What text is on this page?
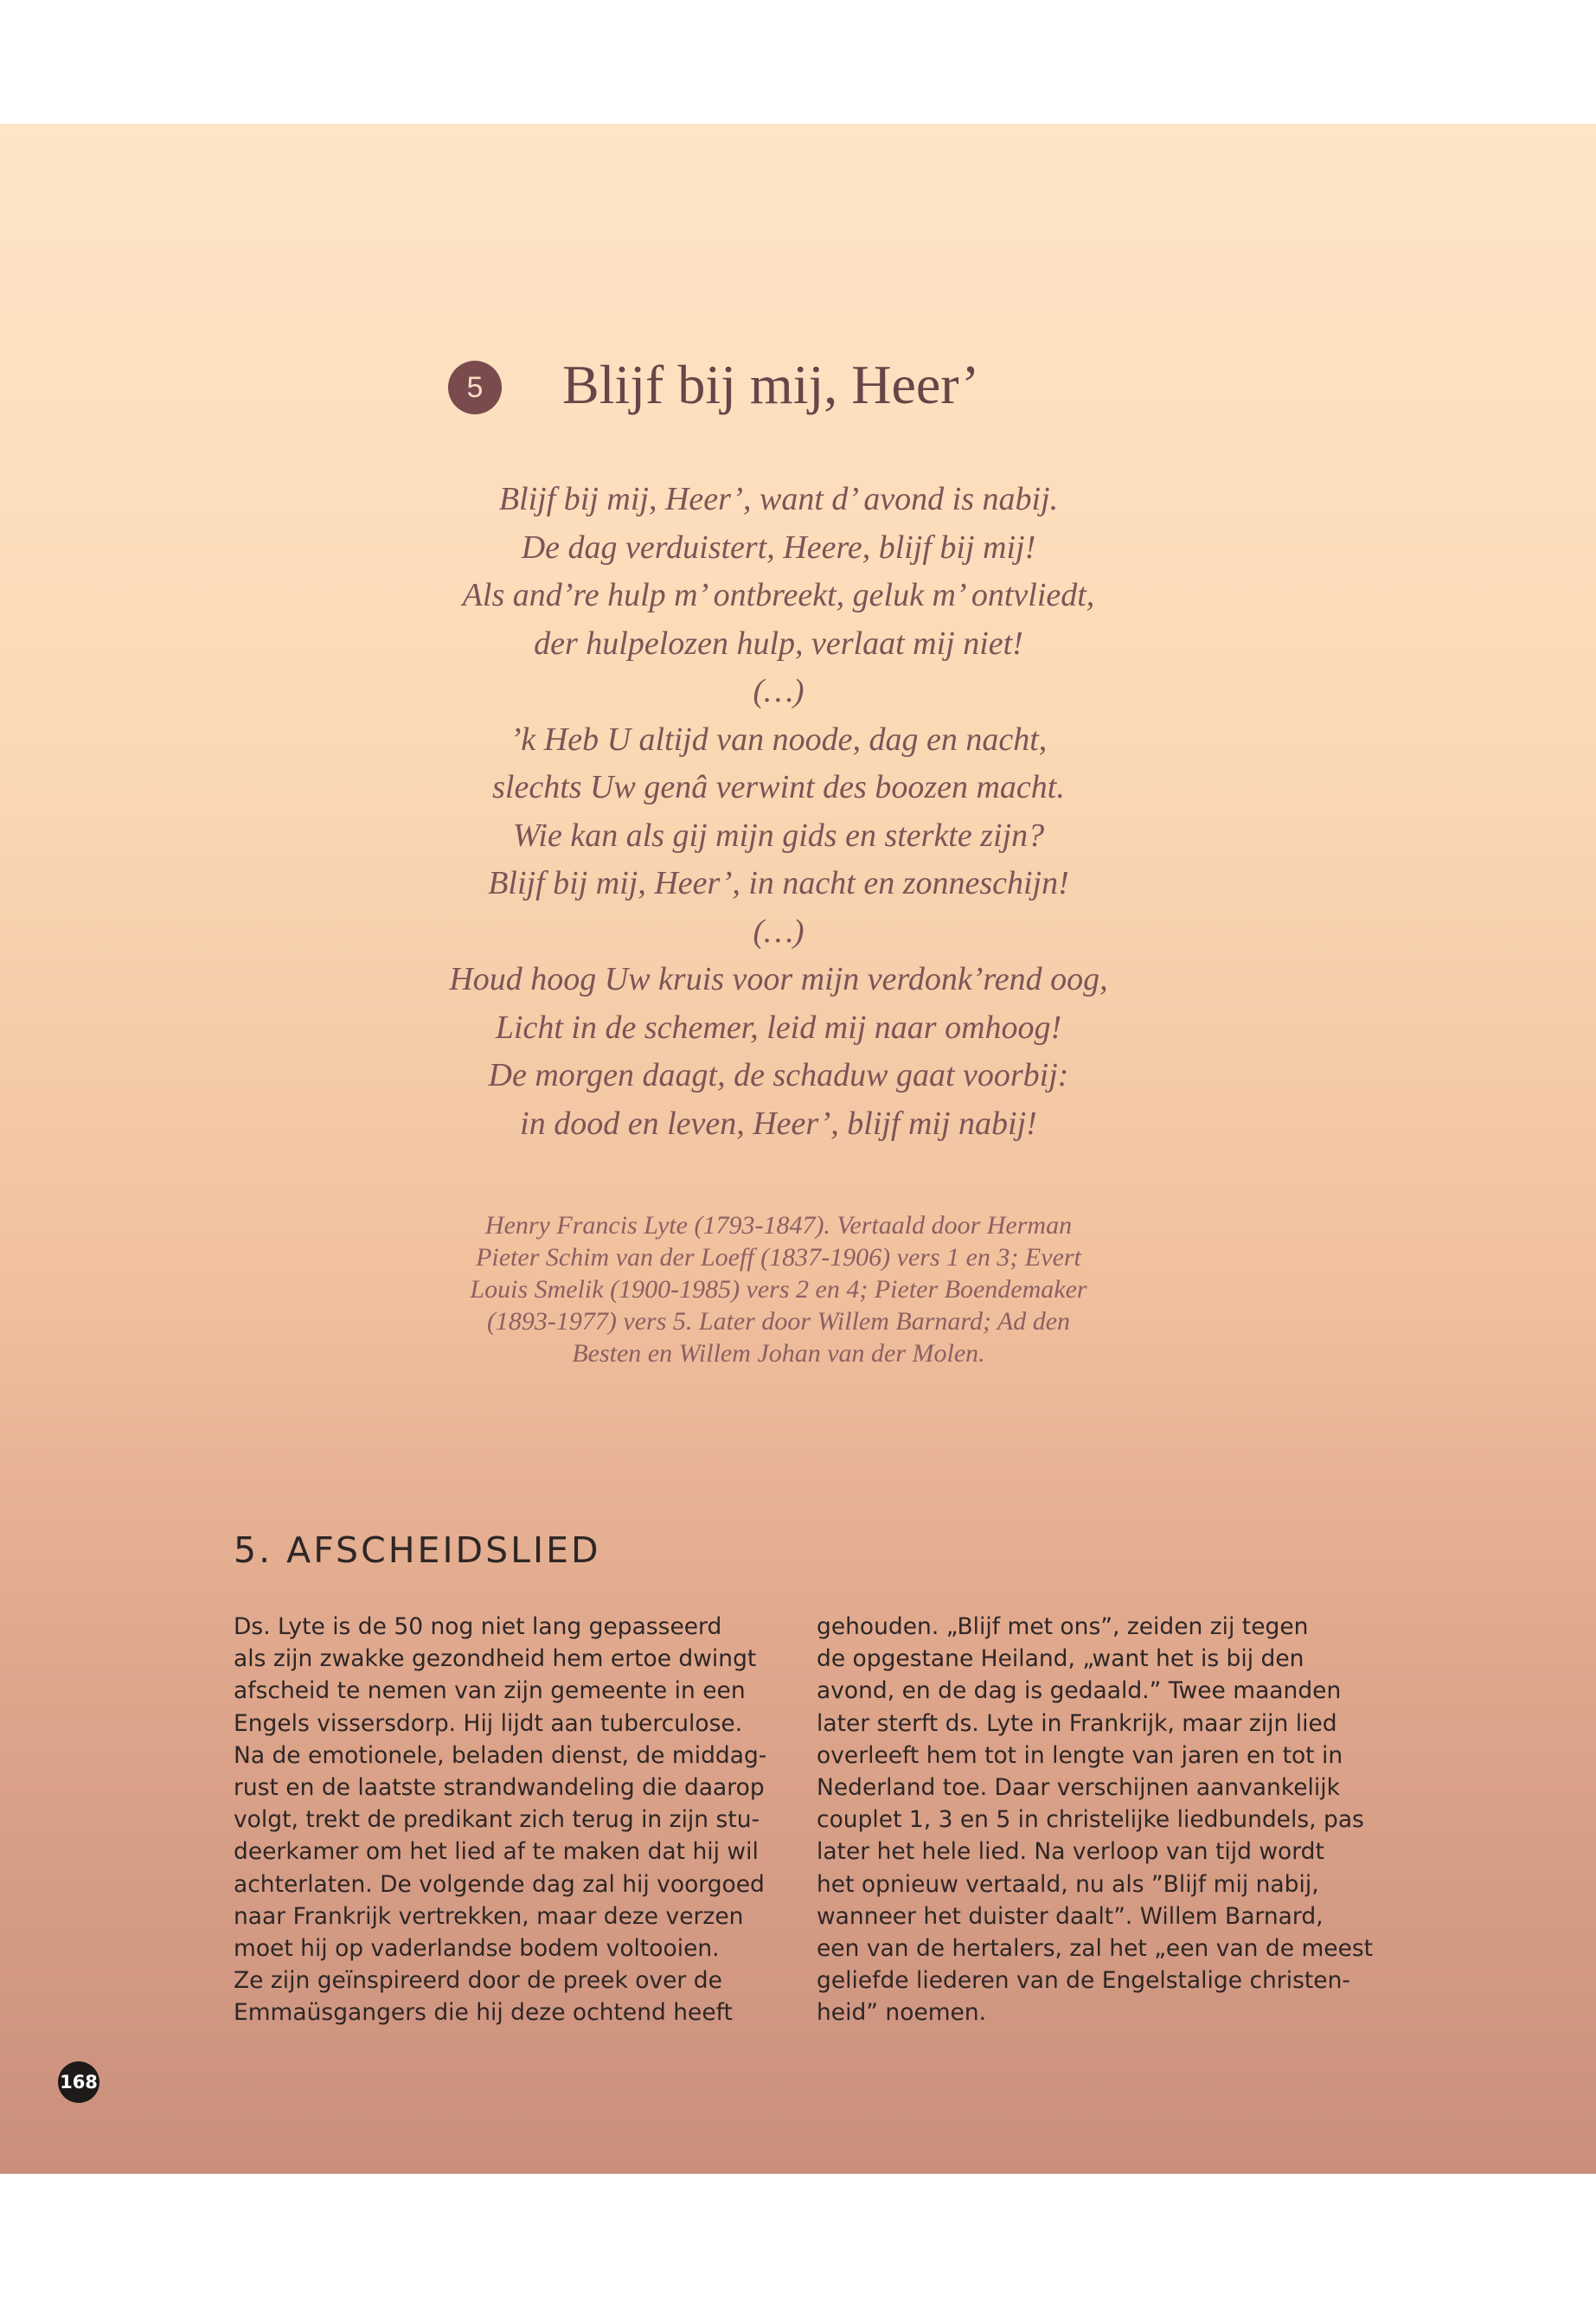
5	Blijf bij mij, Heer’
Blijf bij mij, Heer’, want d’ avond is nabij.
De dag verduistert, Heere, blijf bij mij!
Als and’re hulp m’ ontbreekt, geluk m’ ontvliedt,
der hulpelozen hulp, verlaat mij niet!
(…)
’k Heb U altijd van noode, dag en nacht,
slechts Uw genâ verwint des boozen macht.
Wie kan als gij mijn gids en sterkte zijn?
Blijf bij mij, Heer’, in nacht en zonneschijn!
(…)
Houd hoog Uw kruis voor mijn verdonk’rend oog,
Licht in de schemer, leid mij naar omhoog!
De morgen daagt, de schaduw gaat voorbij:
in dood en leven, Heer’, blijf mij nabij!
Henry Francis Lyte (1793-1847). Vertaald door Herman
Pieter Schim van der Loeff (1837-1906) vers 1 en 3; Evert
Louis Smelik (1900-1985) vers 2 en 4; Pieter Boendemaker
(1893-1977) vers 5. Later door Willem Barnard; Ad den
Besten en Willem Johan van der Molen.
5. AFSCHEIDSLIED
Ds. Lyte is de 50 nog niet lang gepasseerd
als zijn zwakke gezondheid hem ertoe dwingt
afscheid te nemen van zijn gemeente in een
Engels vissersdorp. Hij lijdt aan tuberculose.
Na de emotionele, beladen dienst, de middag-
rust en de laatste strandwandeling die daarop
volgt, trekt de predikant zich terug in zijn stu-
deerkamer om het lied af te maken dat hij wil
achterlaten. De volgende dag zal hij voorgoed
naar Frankrijk vertrekken, maar deze verzen
moet hij op vaderlandse bodem voltooien.
Ze zijn geïnspireerd door de preek over de
Emmaüsgangers die hij deze ochtend heeft
gehouden. „Blijf met ons”, zeiden zij tegen
de opgestane Heiland, „want het is bij den
avond, en de dag is gedaald.” Twee maanden
later sterft ds. Lyte in Frankrijk, maar zijn lied
overleeft hem tot in lengte van jaren en tot in
Nederland toe. Daar verschijnen aanvankelijk
couplet 1, 3 en 5 in christelijke liedbundels, pas
later het hele lied. Na verloop van tijd wordt
het opnieuw vertaald, nu als ”Blijf mij nabij,
wanneer het duister daalt”. Willem Barnard,
een van de hertalers, zal het „een van de meest
geliefde liederen van de Engelstalige christen-
heid” noemen.
168
